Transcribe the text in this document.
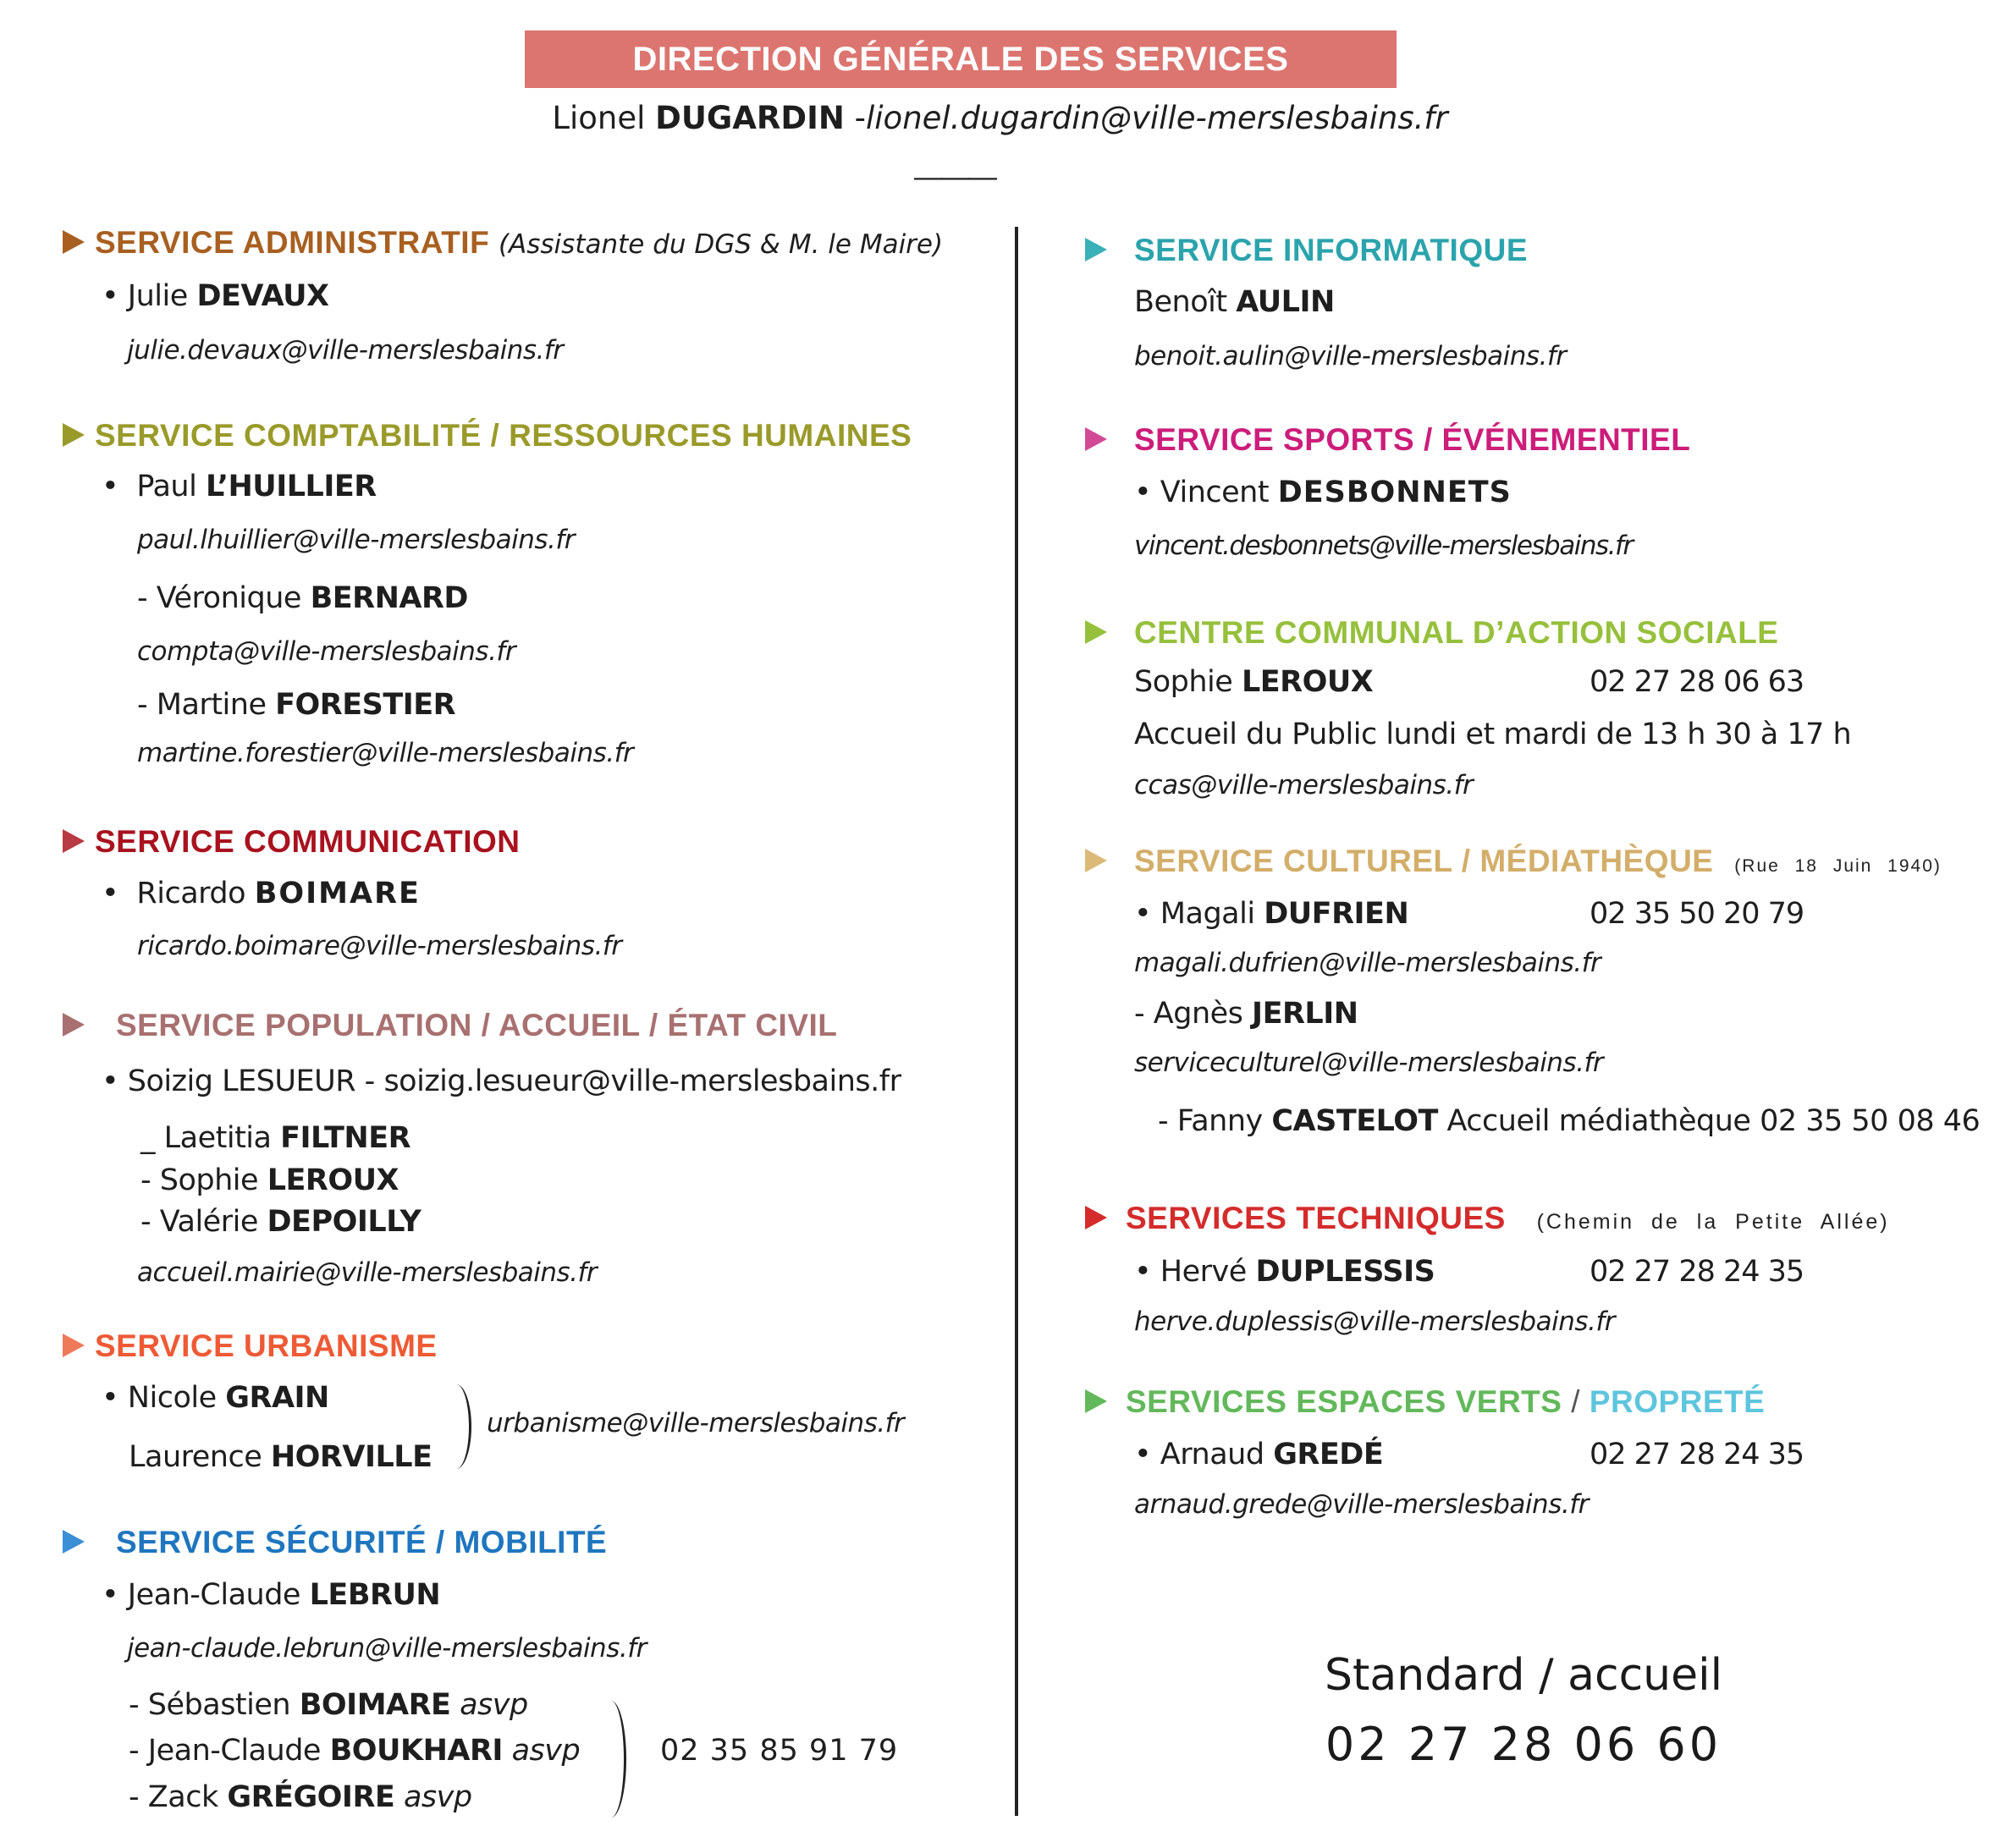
DIRECTION GÉNÉRALE DES SERVICES
Lionel DUGARDIN -lionel.dugardin@ville-merslesbains.fr
———
SERVICE ADMINISTRATIF (Assistante du DGS & M. le Maire)
• Julie DEVAUX
julie.devaux@ville-merslesbains.fr
SERVICE COMPTABILITÉ / RESSOURCES HUMAINES
• Paul L’HUILLIER
paul.lhuillier@ville-merslesbains.fr
- Véronique BERNARD
compta@ville-merslesbains.fr
- Martine FORESTIER
martine.forestier@ville-merslesbains.fr
SERVICE COMMUNICATION
• Ricardo BOIMARE
ricardo.boimare@ville-merslesbains.fr
SERVICE POPULATION / ACCUEIL / ÉTAT CIVIL
• Soizig LESUEUR - soizig.lesueur@ville-merslesbains.fr
_ Laetitia FILTNER
- Sophie LEROUX
- Valérie DEPOILLY
accueil.mairie@ville-merslesbains.fr
SERVICE URBANISME
• Nicole GRAIN
Laurence HORVILLE
urbanisme@ville-merslesbains.fr
SERVICE SÉCURITÉ / MOBILITÉ
• Jean-Claude LEBRUN
jean-claude.lebrun@ville-merslesbains.fr
- Sébastien BOIMARE asvp
- Jean-Claude BOUKHARI asvp
- Zack GRÉGOIRE asvp
02 35 85 91 79
SERVICE INFORMATIQUE
Benoît AULIN
benoit.aulin@ville-merslesbains.fr
SERVICE SPORTS / ÉVÉNEMENTIEL
• Vincent DESBONNETS
vincent.desbonnets@ville-merslesbains.fr
CENTRE COMMUNAL D’ACTION SOCIALE
Sophie LEROUX	02 27 28 06 63
Accueil du Public lundi et mardi de 13 h 30 à 17 h
ccas@ville-merslesbains.fr
SERVICE CULTUREL / MÉDIATHÈQUE (Rue 18 Juin 1940)
• Magali DUFRIEN	02 35 50 20 79
magali.dufrien@ville-merslesbains.fr
- Agnès JERLIN
serviceculturel@ville-merslesbains.fr
- Fanny CASTELOT Accueil médiathèque 02 35 50 08 46
SERVICES TECHNIQUES (Chemin de la Petite Allée)
• Hervé DUPLESSIS	02 27 28 24 35
herve.duplessis@ville-merslesbains.fr
SERVICES ESPACES VERTS / PROPRETÉ
• Arnaud GREDÉ	02 27 28 24 35
arnaud.grede@ville-merslesbains.fr
Standard / accueil
02 27 28 06 60
